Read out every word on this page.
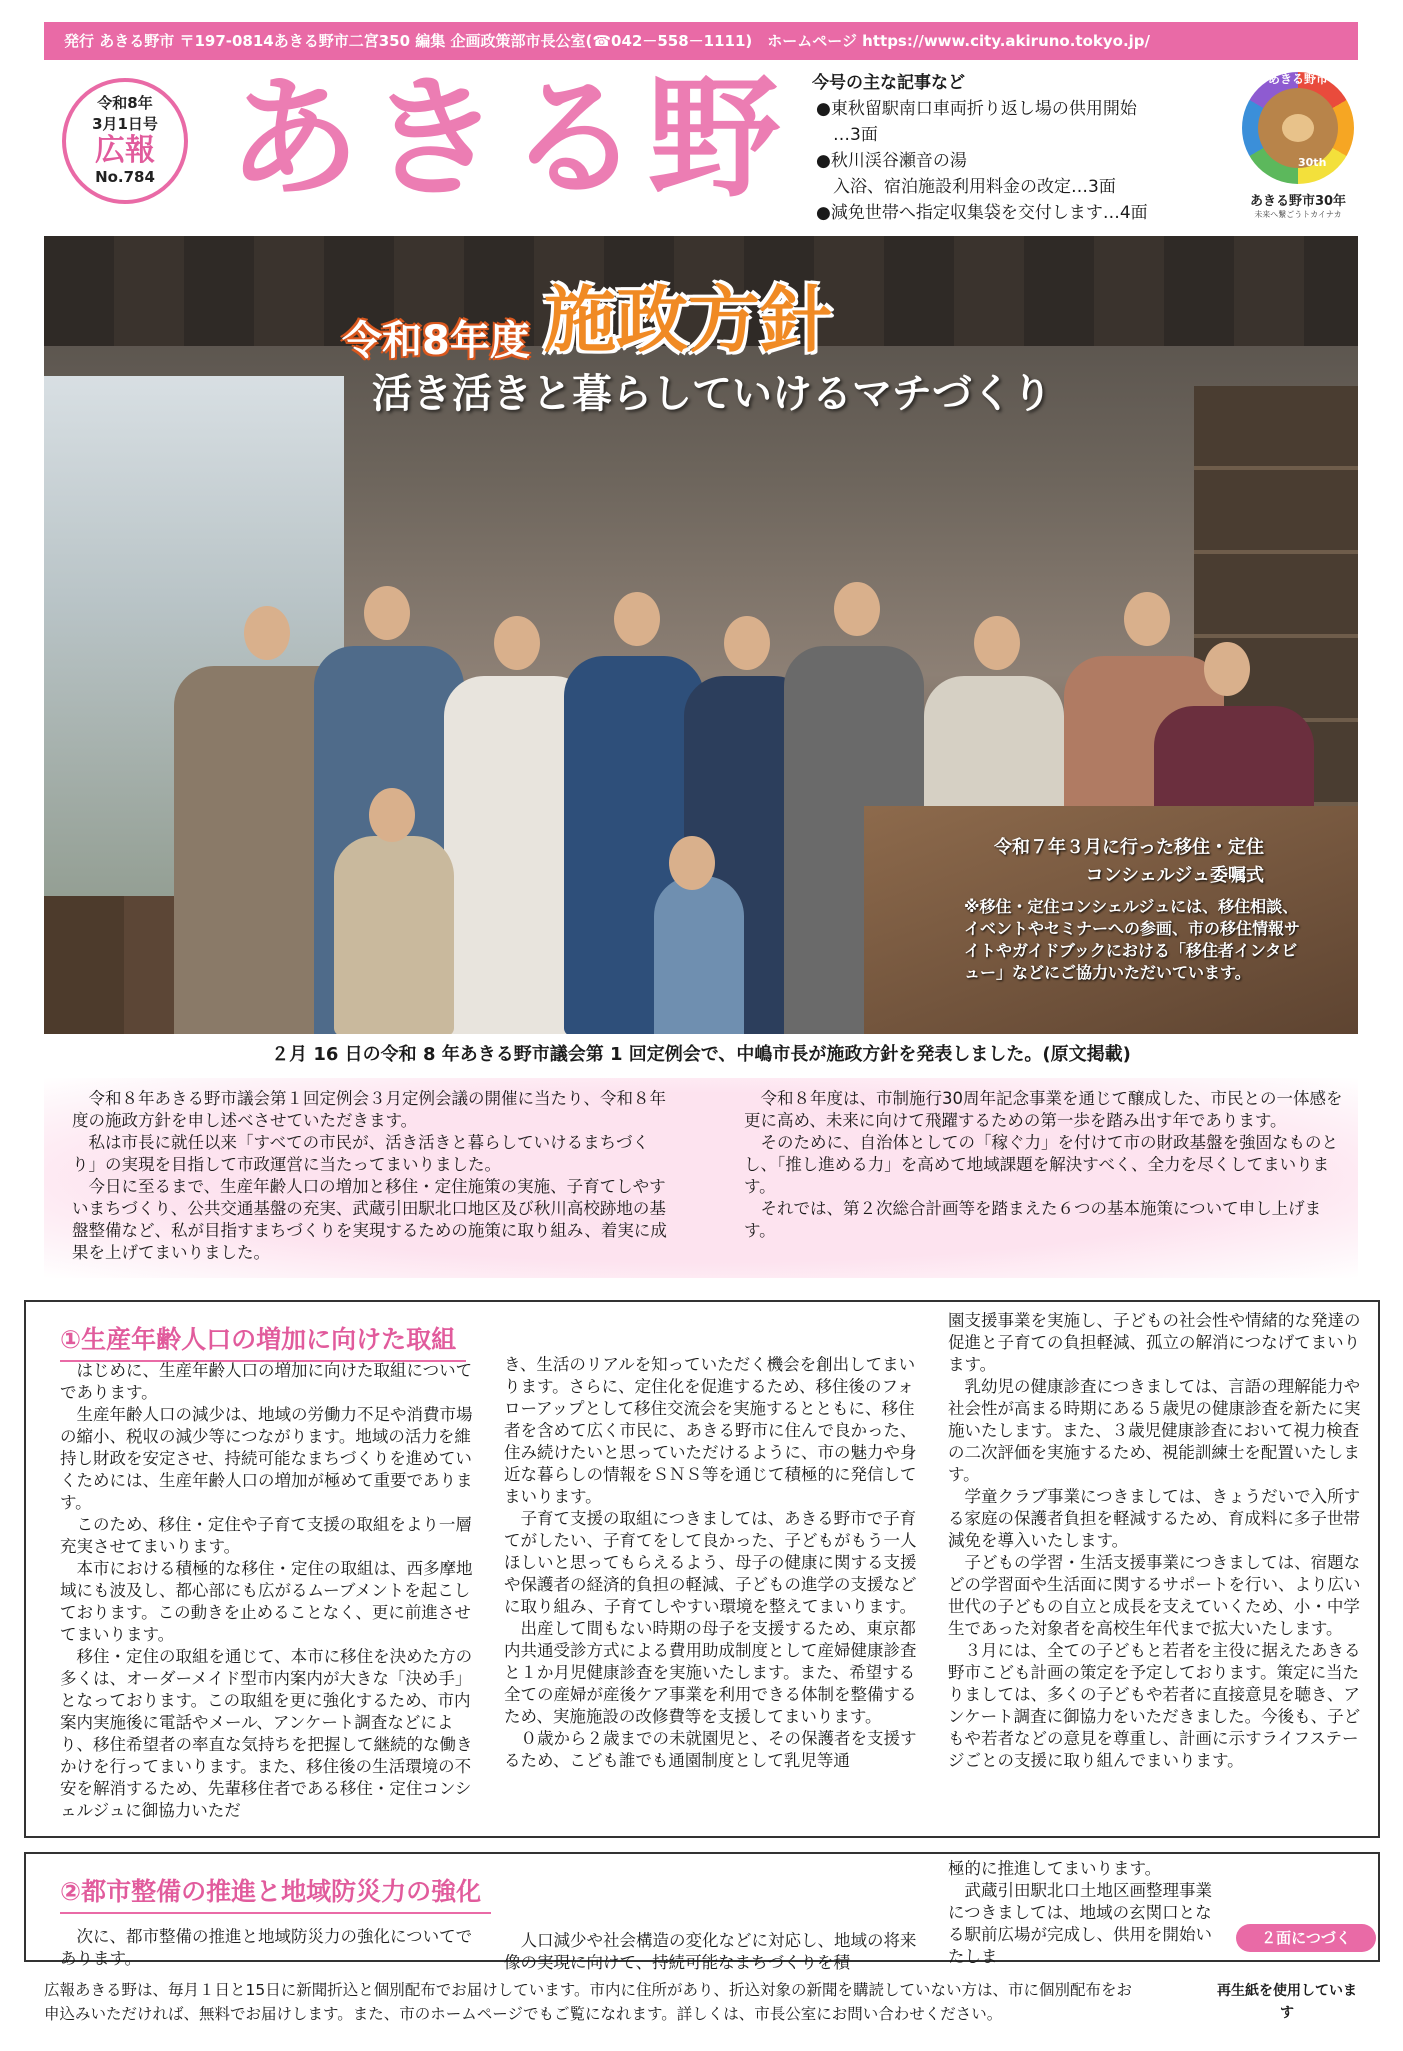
発行 あきる野市 〒197-0814あきる野市二宮350 編集 企画政策部市長公室(☎042－558－1111)　ホームページ https://www.city.akiruno.tokyo.jp/
令和8年
3月1日号
広報
No.784 あきる野 今号の主な記事など
●東秋留駅南口車両折り返し場の供用開始
　…3面
●秋川渓谷瀬音の湯
　入浴、宿泊施設利用料金の改定…3面
●減免世帯へ指定収集袋を交付します…4面
あきる野市
30th
あきる野市30年
未来へ繋ごうトカイナカ
令和8年度 施政方針
活き活きと暮らしていけるマチづくり
令和７年３月に行った移住・定住
コンシェルジュ委嘱式
※移住・定住コンシェルジュには、移住相談、イベントやセミナーへの参画、市の移住情報サイトやガイドブックにおける「移住者インタビュー」などにご協力いただいています。
２月 16 日の令和 8 年あきる野市議会第 1 回定例会で、中嶋市長が施政方針を発表しました。(原文掲載)

令和８年あきる野市議会第１回定例会３月定例会議の開催に当たり、令和８年度の施政方針を申し述べさせていただきます。

私は市長に就任以来「すべての市民が、活き活きと暮らしていけるまちづくり」の実現を目指して市政運営に当たってまいりました。

今日に至るまで、生産年齢人口の増加と移住・定住施策の実施、子育てしやすいまちづくり、公共交通基盤の充実、武蔵引田駅北口地区及び秋川高校跡地の基盤整備など、私が目指すまちづくりを実現するための施策に取り組み、着実に成果を上げてまいりました。

令和８年度は、市制施行30周年記念事業を通じて醸成した、市民との一体感を更に高め、未来に向けて飛躍するための第一歩を踏み出す年であります。

そのために、自治体としての「稼ぐ力」を付けて市の財政基盤を強固なものとし、「推し進める力」を高めて地域課題を解決すべく、全力を尽くしてまいります。

それでは、第２次総合計画等を踏まえた６つの基本施策について申し上げます。

①生産年齢人口の増加に向けた取組

はじめに、生産年齢人口の増加に向けた取組についてであります。

生産年齢人口の減少は、地域の労働力不足や消費市場の縮小、税収の減少等につながります。地域の活力を維持し財政を安定させ、持続可能なまちづくりを進めていくためには、生産年齢人口の増加が極めて重要であります。

このため、移住・定住や子育て支援の取組をより一層充実させてまいります。

本市における積極的な移住・定住の取組は、西多摩地域にも波及し、都心部にも広がるムーブメントを起こしております。この動きを止めることなく、更に前進させてまいります。

移住・定住の取組を通じて、本市に移住を決めた方の多くは、オーダーメイド型市内案内が大きな「決め手」となっております。この取組を更に強化するため、市内案内実施後に電話やメール、アンケート調査などにより、移住希望者の率直な気持ちを把握して継続的な働きかけを行ってまいります。また、移住後の生活環境の不安を解消するため、先輩移住者である移住・定住コンシェルジュに御協力いただ

き、生活のリアルを知っていただく機会を創出してまいります。さらに、定住化を促進するため、移住後のフォローアップとして移住交流会を実施するとともに、移住者を含めて広く市民に、あきる野市に住んで良かった、住み続けたいと思っていただけるように、市の魅力や身近な暮らしの情報をＳＮＳ等を通じて積極的に発信してまいります。

子育て支援の取組につきましては、あきる野市で子育てがしたい、子育てをして良かった、子どもがもう一人ほしいと思ってもらえるよう、母子の健康に関する支援や保護者の経済的負担の軽減、子どもの進学の支援などに取り組み、子育てしやすい環境を整えてまいります。

出産して間もない時期の母子を支援するため、東京都内共通受診方式による費用助成制度として産婦健康診査と１か月児健康診査を実施いたします。また、希望する全ての産婦が産後ケア事業を利用できる体制を整備するため、実施施設の改修費等を支援してまいります。

０歳から２歳までの未就園児と、その保護者を支援するため、こども誰でも通園制度として乳児等通

園支援事業を実施し、子どもの社会性や情緒的な発達の促進と子育ての負担軽減、孤立の解消につなげてまいります。

乳幼児の健康診査につきましては、言語の理解能力や社会性が高まる時期にある５歳児の健康診査を新たに実施いたします。また、３歳児健康診査において視力検査の二次評価を実施するため、視能訓練士を配置いたします。

学童クラブ事業につきましては、きょうだいで入所する家庭の保護者負担を軽減するため、育成料に多子世帯減免を導入いたします。

子どもの学習・生活支援事業につきましては、宿題などの学習面や生活面に関するサポートを行い、より広い世代の子どもの自立と成長を支えていくため、小・中学生であった対象者を高校生年代まで拡大いたします。

３月には、全ての子どもと若者を主役に据えたあきる野市こども計画の策定を予定しております。策定に当たりましては、多くの子どもや若者に直接意見を聴き、アンケート調査に御協力をいただきました。今後も、子どもや若者などの意見を尊重し、計画に示すライフステージごとの支援に取り組んでまいります。

②都市整備の推進と地域防災力の強化

次に、都市整備の推進と地域防災力の強化についてであります。

人口減少や社会構造の変化などに対応し、地域の将来像の実現に向けて、持続可能なまちづくりを積

極的に推進してまいります。

武蔵引田駅北口土地区画整理事業につきましては、地域の玄関口となる駅前広場が完成し、供用を開始いたしま

２面につづく
広報あきる野は、毎月１日と15日に新聞折込と個別配布でお届けしています。市内に住所があり、折込対象の新聞を購読していない方は、市に個別配布をお申込みいただければ、無料でお届けします。また、市のホームページでもご覧になれます。詳しくは、市長公室にお問い合わせください。
再生紙を使用しています
